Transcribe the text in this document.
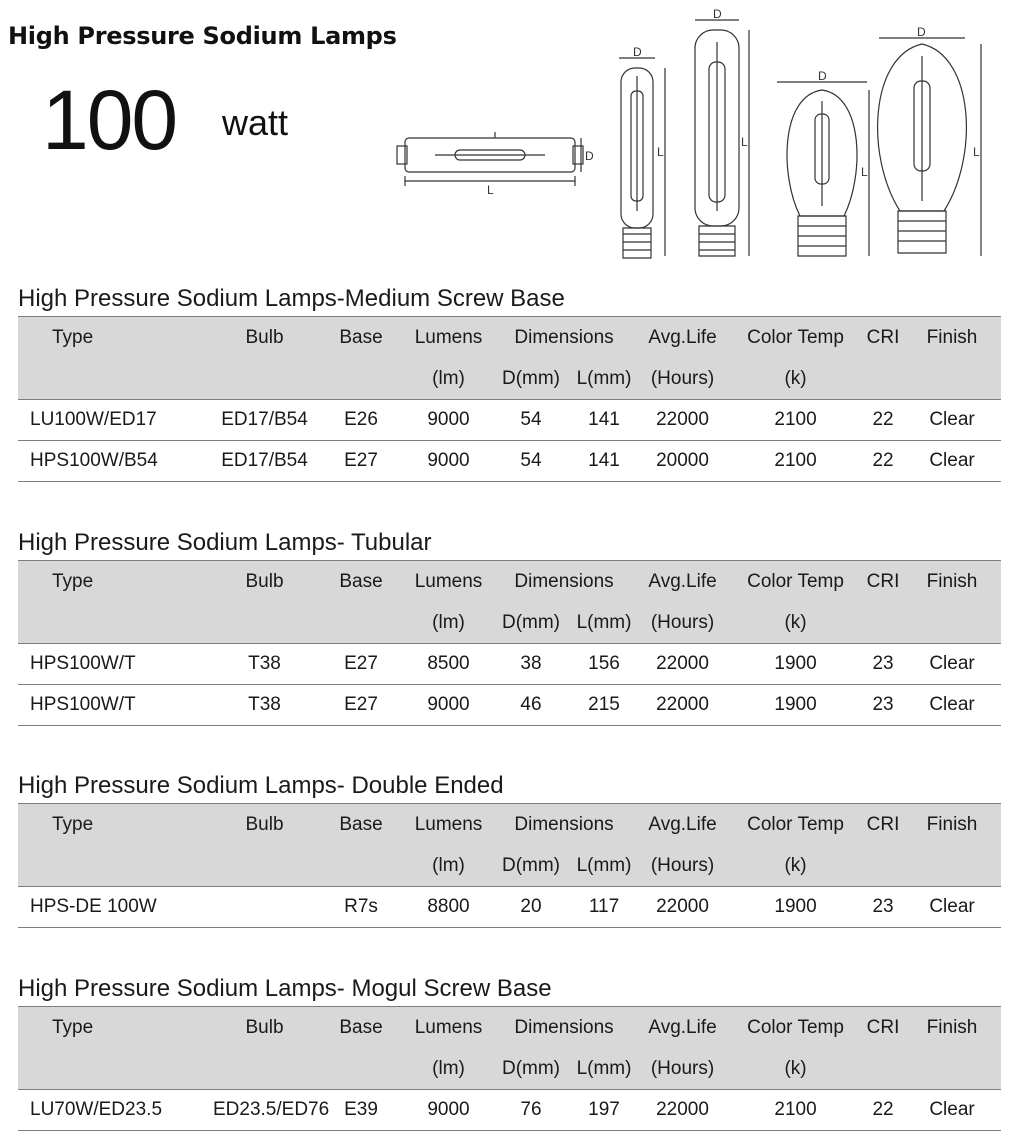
High Pressure Sodium Lamps
100 watt
D
L
D
L
D
L
D
L
D
L
High Pressure Sodium Lamps-Medium Screw Base
Type	Bulb	Base	Lumens	Dimensions		Avg.Life	Color Temp	CRI	Finish
			(lm)	D(mm)	L(mm)	(Hours)	(k)		
LU100W/ED17	ED17/B54	E26	9000	54	141	22000	2100	22	Clear
HPS100W/B54	ED17/B54	E27	9000	54	141	20000	2100	22	Clear
High Pressure Sodium Lamps- Tubular
Type	Bulb	Base	Lumens	Dimensions		Avg.Life	Color Temp	CRI	Finish
			(lm)	D(mm)	L(mm)	(Hours)	(k)		
HPS100W/T	T38	E27	8500	38	156	22000	1900	23	Clear
HPS100W/T	T38	E27	9000	46	215	22000	1900	23	Clear
High Pressure Sodium Lamps- Double Ended
Type	Bulb	Base	Lumens	Dimensions		Avg.Life	Color Temp	CRI	Finish
			(lm)	D(mm)	L(mm)	(Hours)	(k)		
HPS-DE 100W		R7s	8800	20	117	22000	1900	23	Clear
High Pressure Sodium Lamps- Mogul Screw Base
Type	Bulb	Base	Lumens	Dimensions		Avg.Life	Color Temp	CRI	Finish
			(lm)	D(mm)	L(mm)	(Hours)	(k)		
LU70W/ED23.5	ED23.5/ED76	E39	9000	76	197	22000	2100	22	Clear
